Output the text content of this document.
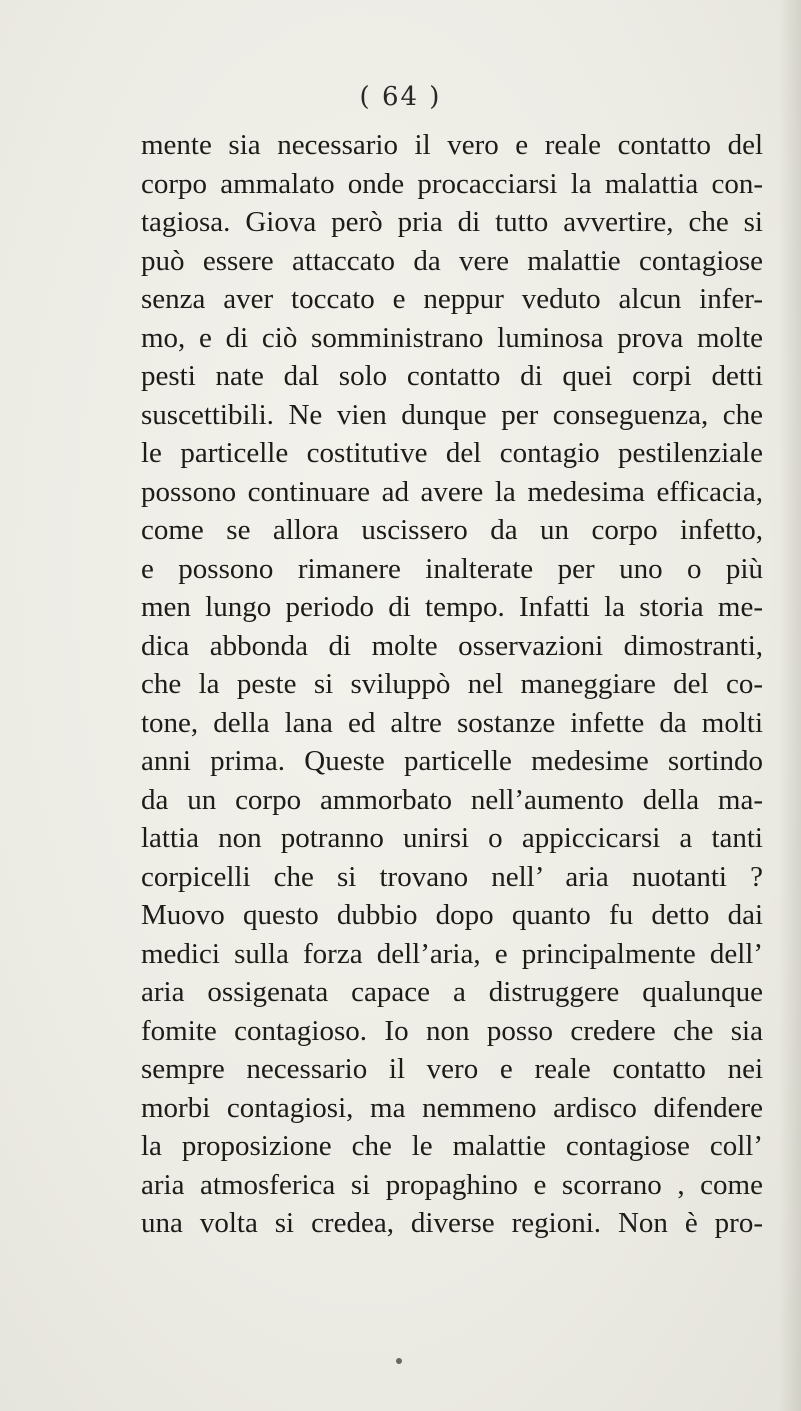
( 64 )
mente sia necessario il vero e reale contatto del
corpo ammalato onde procacciarsi la malattia con-
tagiosa. Giova però pria di tutto avvertire, che si
può essere attaccato da vere malattie contagiose
senza aver toccato e neppur veduto alcun infer-
mo, e di ciò somministrano luminosa prova molte
pesti nate dal solo contatto di quei corpi detti
suscettibili. Ne vien dunque per conseguenza, che
le particelle costitutive del contagio pestilenziale
possono continuare ad avere la medesima efficacia,
come se allora uscissero da un corpo infetto,
e possono rimanere inalterate per uno o più
men lungo periodo di tempo. Infatti la storia me-
dica abbonda di molte osservazioni dimostranti,
che la peste si sviluppò nel maneggiare del co-
tone, della lana ed altre sostanze infette da molti
anni prima. Queste particelle medesime sortindo
da un corpo ammorbato nell’aumento della ma-
lattia non potranno unirsi o appiccicarsi a tanti
corpicelli che si trovano nell’ aria nuotanti ?
Muovo questo dubbio dopo quanto fu detto dai
medici sulla forza dell’aria, e principalmente dell’
aria ossigenata capace a distruggere qualunque
fomite contagioso. Io non posso credere che sia
sempre necessario il vero e reale contatto nei
morbi contagiosi, ma nemmeno ardisco difendere
la proposizione che le malattie contagiose coll’
aria atmosferica si propaghino e scorrano , come
una volta si credea, diverse regioni. Non è pro-
